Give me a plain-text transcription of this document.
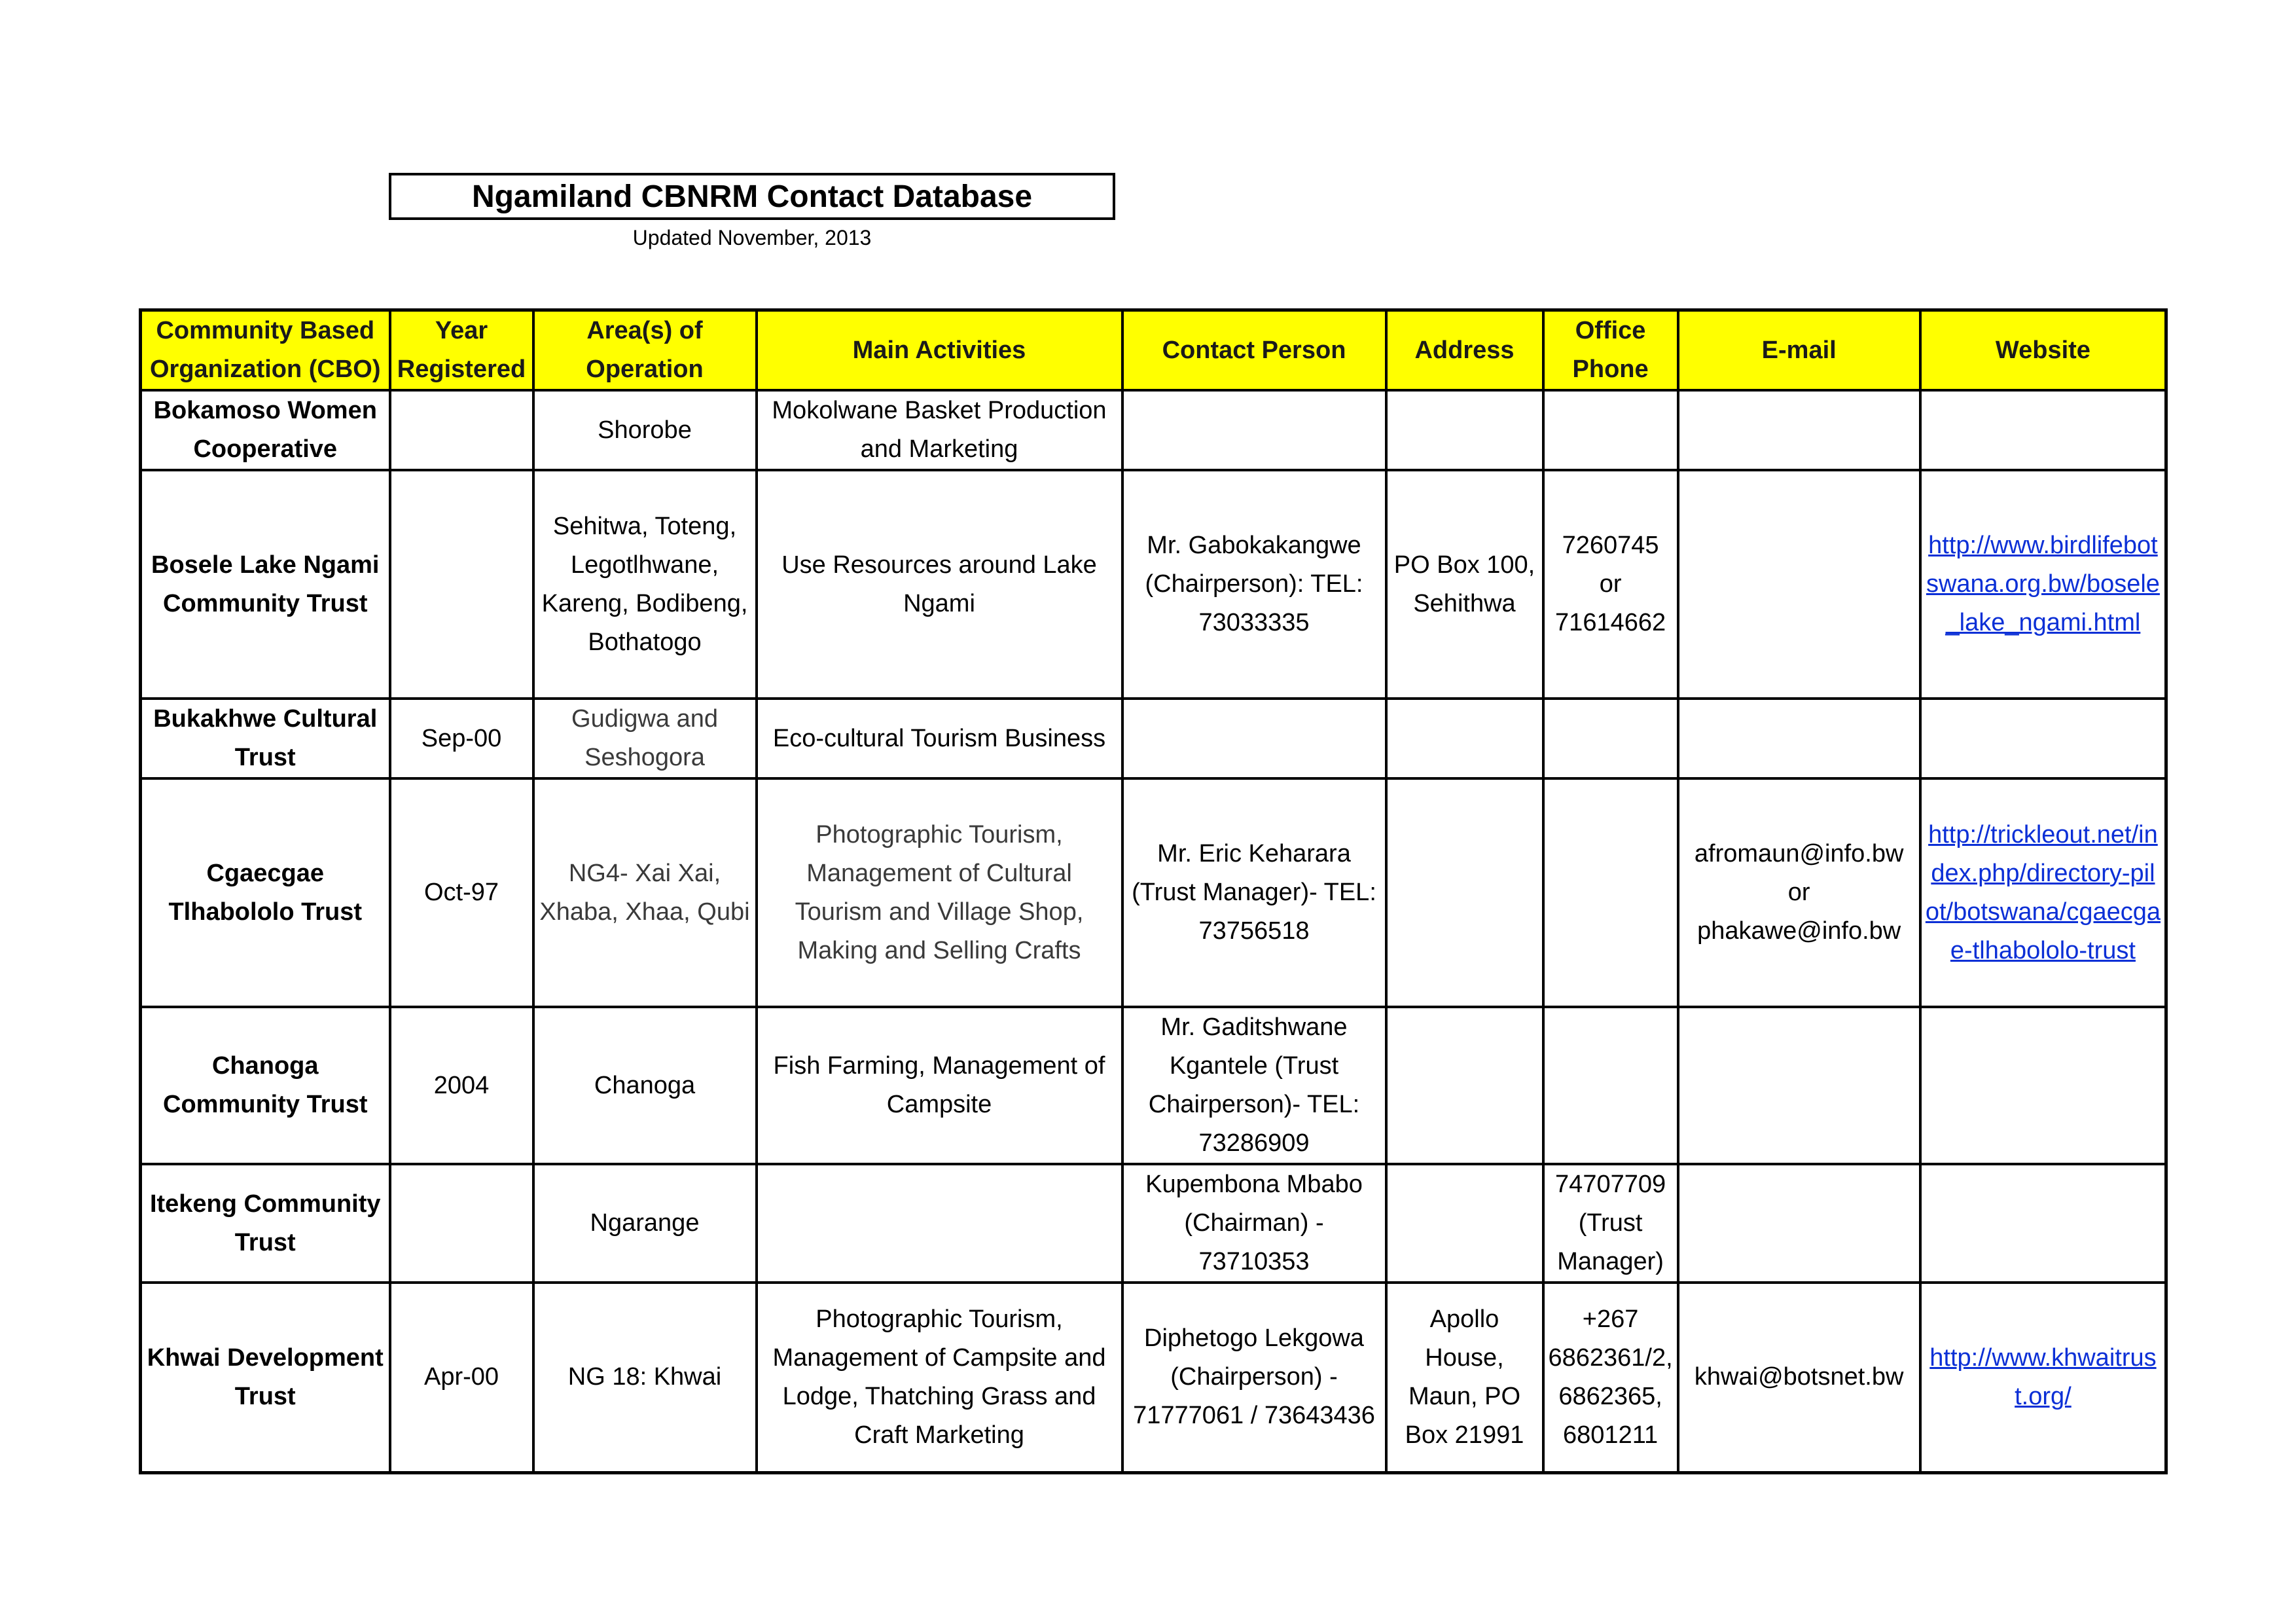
Ngamiland CBNRM Contact Database
Updated November, 2013
Community Based Organization (CBO)	Year Registered	Area(s) of Operation	Main Activities	Contact Person	Address	Office Phone	E-mail	Website
Bokamoso Women Cooperative		Shorobe	Mokolwane Basket Production and Marketing					
Bosele Lake Ngami Community Trust		Sehitwa, Toteng, Legotlhwane, Kareng, Bodibeng, Bothatogo	Use Resources around Lake Ngami	Mr. Gabokakangwe (Chairperson): TEL: 73033335	PO Box 100, Sehithwa	7260745 or 71614662		http://www.birdlifebotswana.org.bw/bosele_lake_ngami.html
Bukakhwe Cultural Trust	Sep-00	Gudigwa and Seshogora	Eco-cultural Tourism Business					
Cgaecgae Tlhabololo Trust	Oct-97	NG4- Xai Xai, Xhaba, Xhaa, Qubi	Photographic Tourism, Management of Cultural Tourism and Village Shop, Making and Selling Crafts	Mr. Eric Keharara (Trust Manager)- TEL: 73756518			afromaun@info.bw or phakawe@info.bw	http://trickleout.net/index.php/directory-pilot/botswana/cgaecgae-tlhabololo-trust
Chanoga Community Trust	2004	Chanoga	Fish Farming, Management of Campsite	Mr. Gaditshwane Kgantele (Trust Chairperson)- TEL: 73286909				
Itekeng Community Trust		Ngarange		Kupembona Mbabo (Chairman) - 73710353		74707709 (Trust Manager)		
Khwai Development Trust	Apr-00	NG 18: Khwai	Photographic Tourism, Management of Campsite and Lodge, Thatching Grass and Craft Marketing	Diphetogo Lekgowa (Chairperson) - 71777061 / 73643436	Apollo House, Maun, PO Box 21991	+267 6862361/2, 6862365, 6801211	khwai@botsnet.bw	http://www.khwaitrust.org/
